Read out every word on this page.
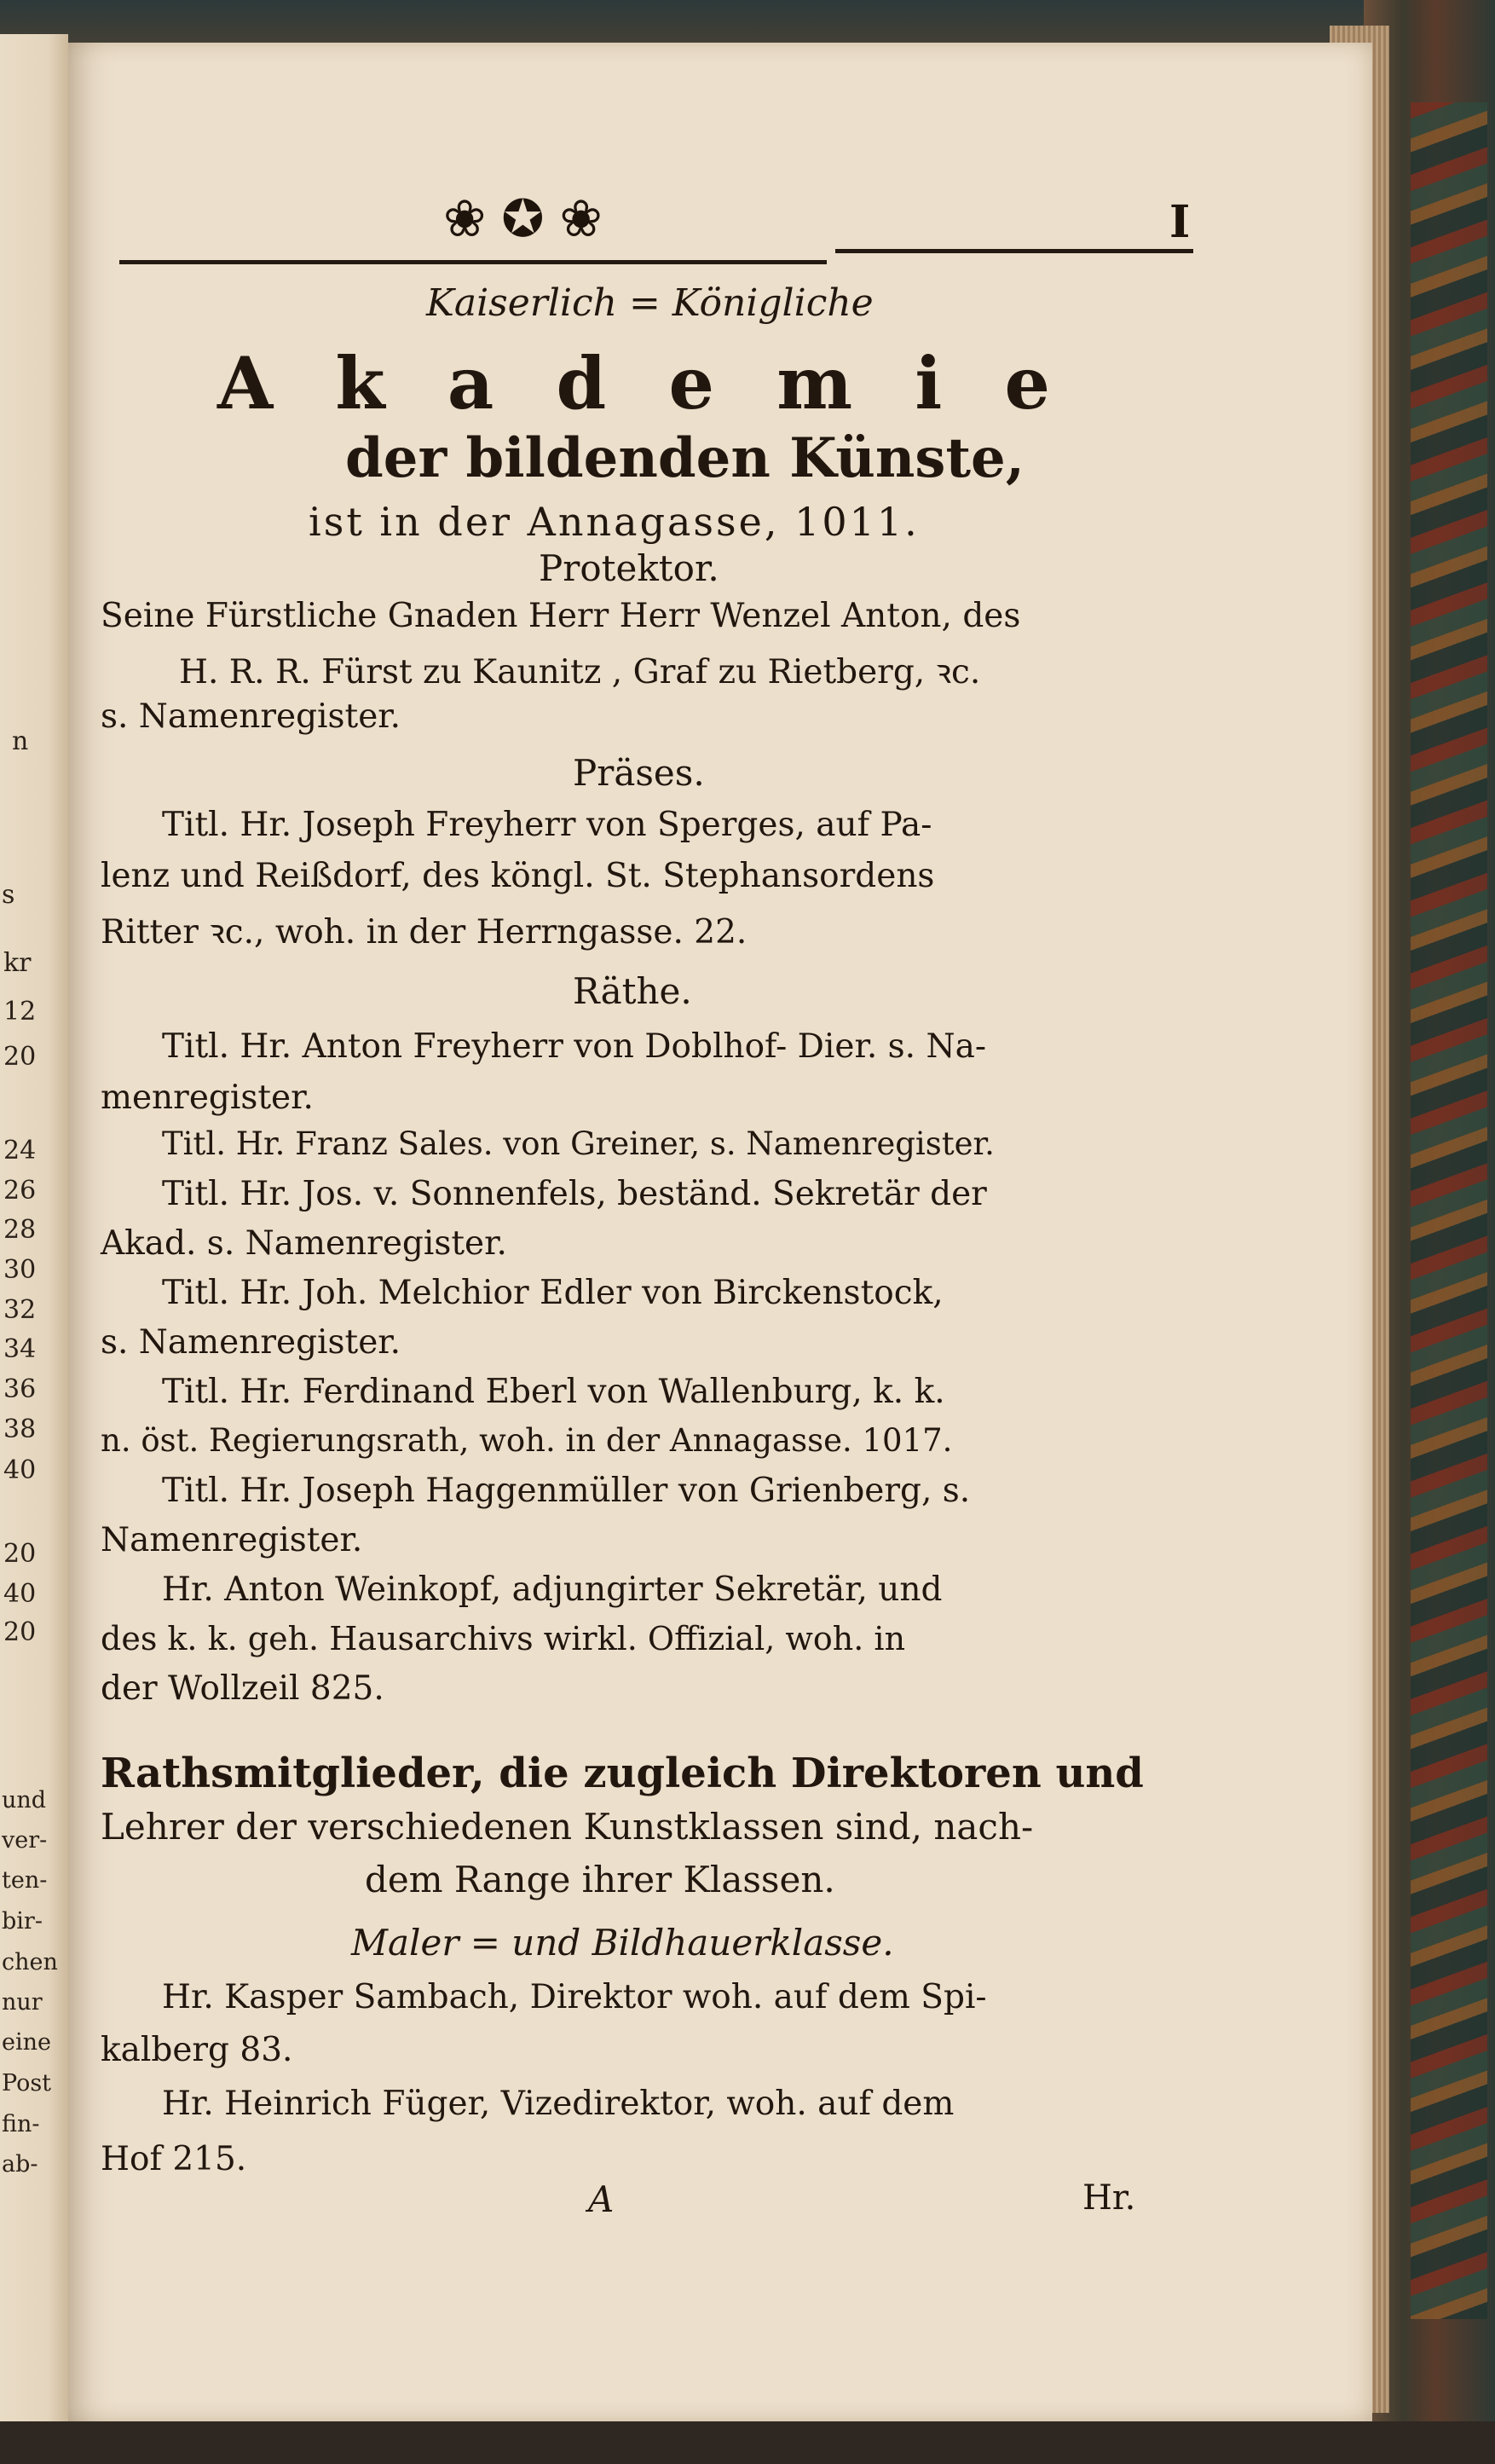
n
s
kr
12
20
24
26
28
30
32
34
36
38
40
20
40
20
und
ver-
ten-
bir-
chen
nur
eine
Post
fin-
ab-
❀✪❀	I
Kaiserlich = Königliche
A k a d e m i e
der bildenden Künste,
ist in der Annagasse, 1011.
Protektor.
Seine Fürstliche Gnaden Herr Herr Wenzel Anton, des
H. R. R. Fürst zu Kaunitz , Graf zu Rietberg, ꝛc.
s. Namenregister.
Präses.
Titl. Hr. Joseph Freyherr von Sperges, auf Pa-
lenz und Reißdorf, des köngl. St. Stephansordens
Ritter ꝛc., woh. in der Herrngasse. 22.
Räthe.
Titl. Hr. Anton Freyherr von Doblhof- Dier. s. Na-
menregister.
Titl. Hr. Franz Sales. von Greiner, s. Namenregister.
Titl. Hr. Jos. v. Sonnenfels, beständ. Sekretär der
Akad. s. Namenregister.
Titl. Hr. Joh. Melchior Edler von Birckenstock,
s. Namenregister.
Titl. Hr. Ferdinand Eberl von Wallenburg, k. k.
n. öst. Regierungsrath, woh. in der Annagasse. 1017.
Titl. Hr. Joseph Haggenmüller von Grienberg, s.
Namenregister.
Hr. Anton Weinkopf, adjungirter Sekretär, und
des k. k. geh. Hausarchivs wirkl. Offizial, woh. in
der Wollzeil 825.
Rathsmitglieder, die zugleich Direktoren und
Lehrer der verschiedenen Kunstklassen sind, nach-
dem Range ihrer Klassen.
Maler = und Bildhauerklasse.
Hr. Kasper Sambach, Direktor woh. auf dem Spi-
kalberg 83.
Hr. Heinrich Füger, Vizedirektor, woh. auf dem
Hof 215.
A	Hr.
